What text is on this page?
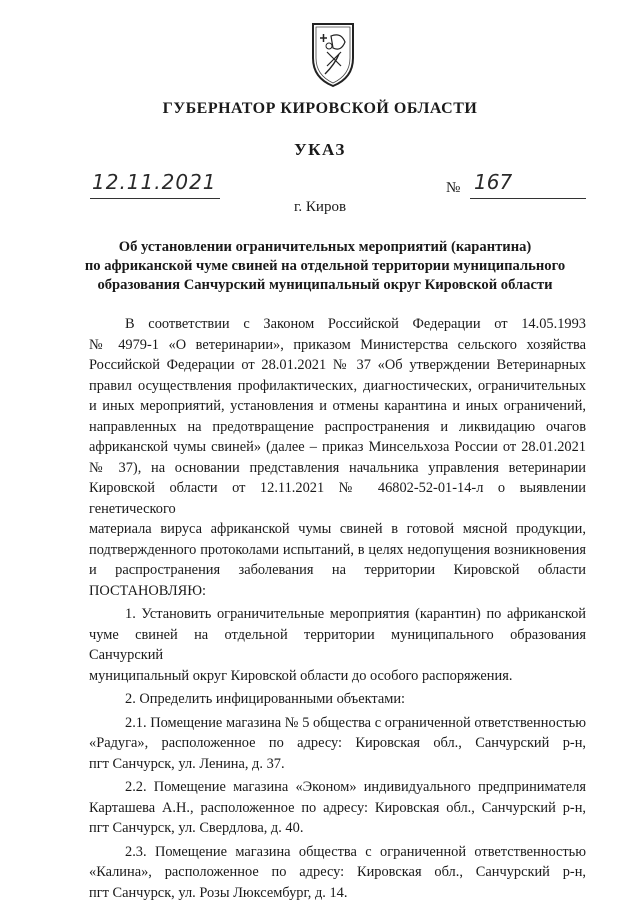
ГУБЕРНАТОР КИРОВСКОЙ ОБЛАСТИ
УКАЗ
12.11.2021	№ 167
г. Киров
Об установлении ограничительных мероприятий (карантина)
по африканской чуме свиней на отдельной территории муниципального
образования Санчурский муниципальный округ Кировской области
В соответствии с Законом Российской Федерации от 14.05.1993
№ 4979-1 «О ветеринарии», приказом Министерства сельского хозяйства
Российской Федерации от 28.01.2021 № 37 «Об утверждении Ветеринарных
правил осуществления профилактических, диагностических, ограничительных
и иных мероприятий, установления и отмены карантина и иных ограничений,
направленных на предотвращение распространения и ликвидацию очагов
африканской чумы свиней» (далее – приказ Минсельхоза России от 28.01.2021
№ 37), на основании представления начальника управления ветеринарии
Кировской области от 12.11.2021 № 46802-52-01-14-л о выявлении генетического
материала вируса африканской чумы свиней в готовой мясной продукции,
подтвержденного протоколами испытаний, в целях недопущения возникновения
и распространения заболевания на территории Кировской области
ПОСТАНОВЛЯЮ:
1. Установить ограничительные мероприятия (карантин) по африканской
чуме свиней на отдельной территории муниципального образования Санчурский
муниципальный округ Кировской области до особого распоряжения.
2. Определить инфицированными объектами:
2.1. Помещение магазина № 5 общества с ограниченной ответственностью
«Радуга», расположенное по адресу: Кировская обл., Санчурский р-н,
пгт Санчурск, ул. Ленина, д. 37.
2.2. Помещение магазина «Эконом» индивидуального предпринимателя
Карташева А.Н., расположенное по адресу: Кировская обл., Санчурский р-н,
пгт Санчурск, ул. Свердлова, д. 40.
2.3. Помещение магазина общества с ограниченной ответственностью
«Калина», расположенное по адресу: Кировская обл., Санчурский р-н,
пгт Санчурск, ул. Розы Люксембург, д. 14.
